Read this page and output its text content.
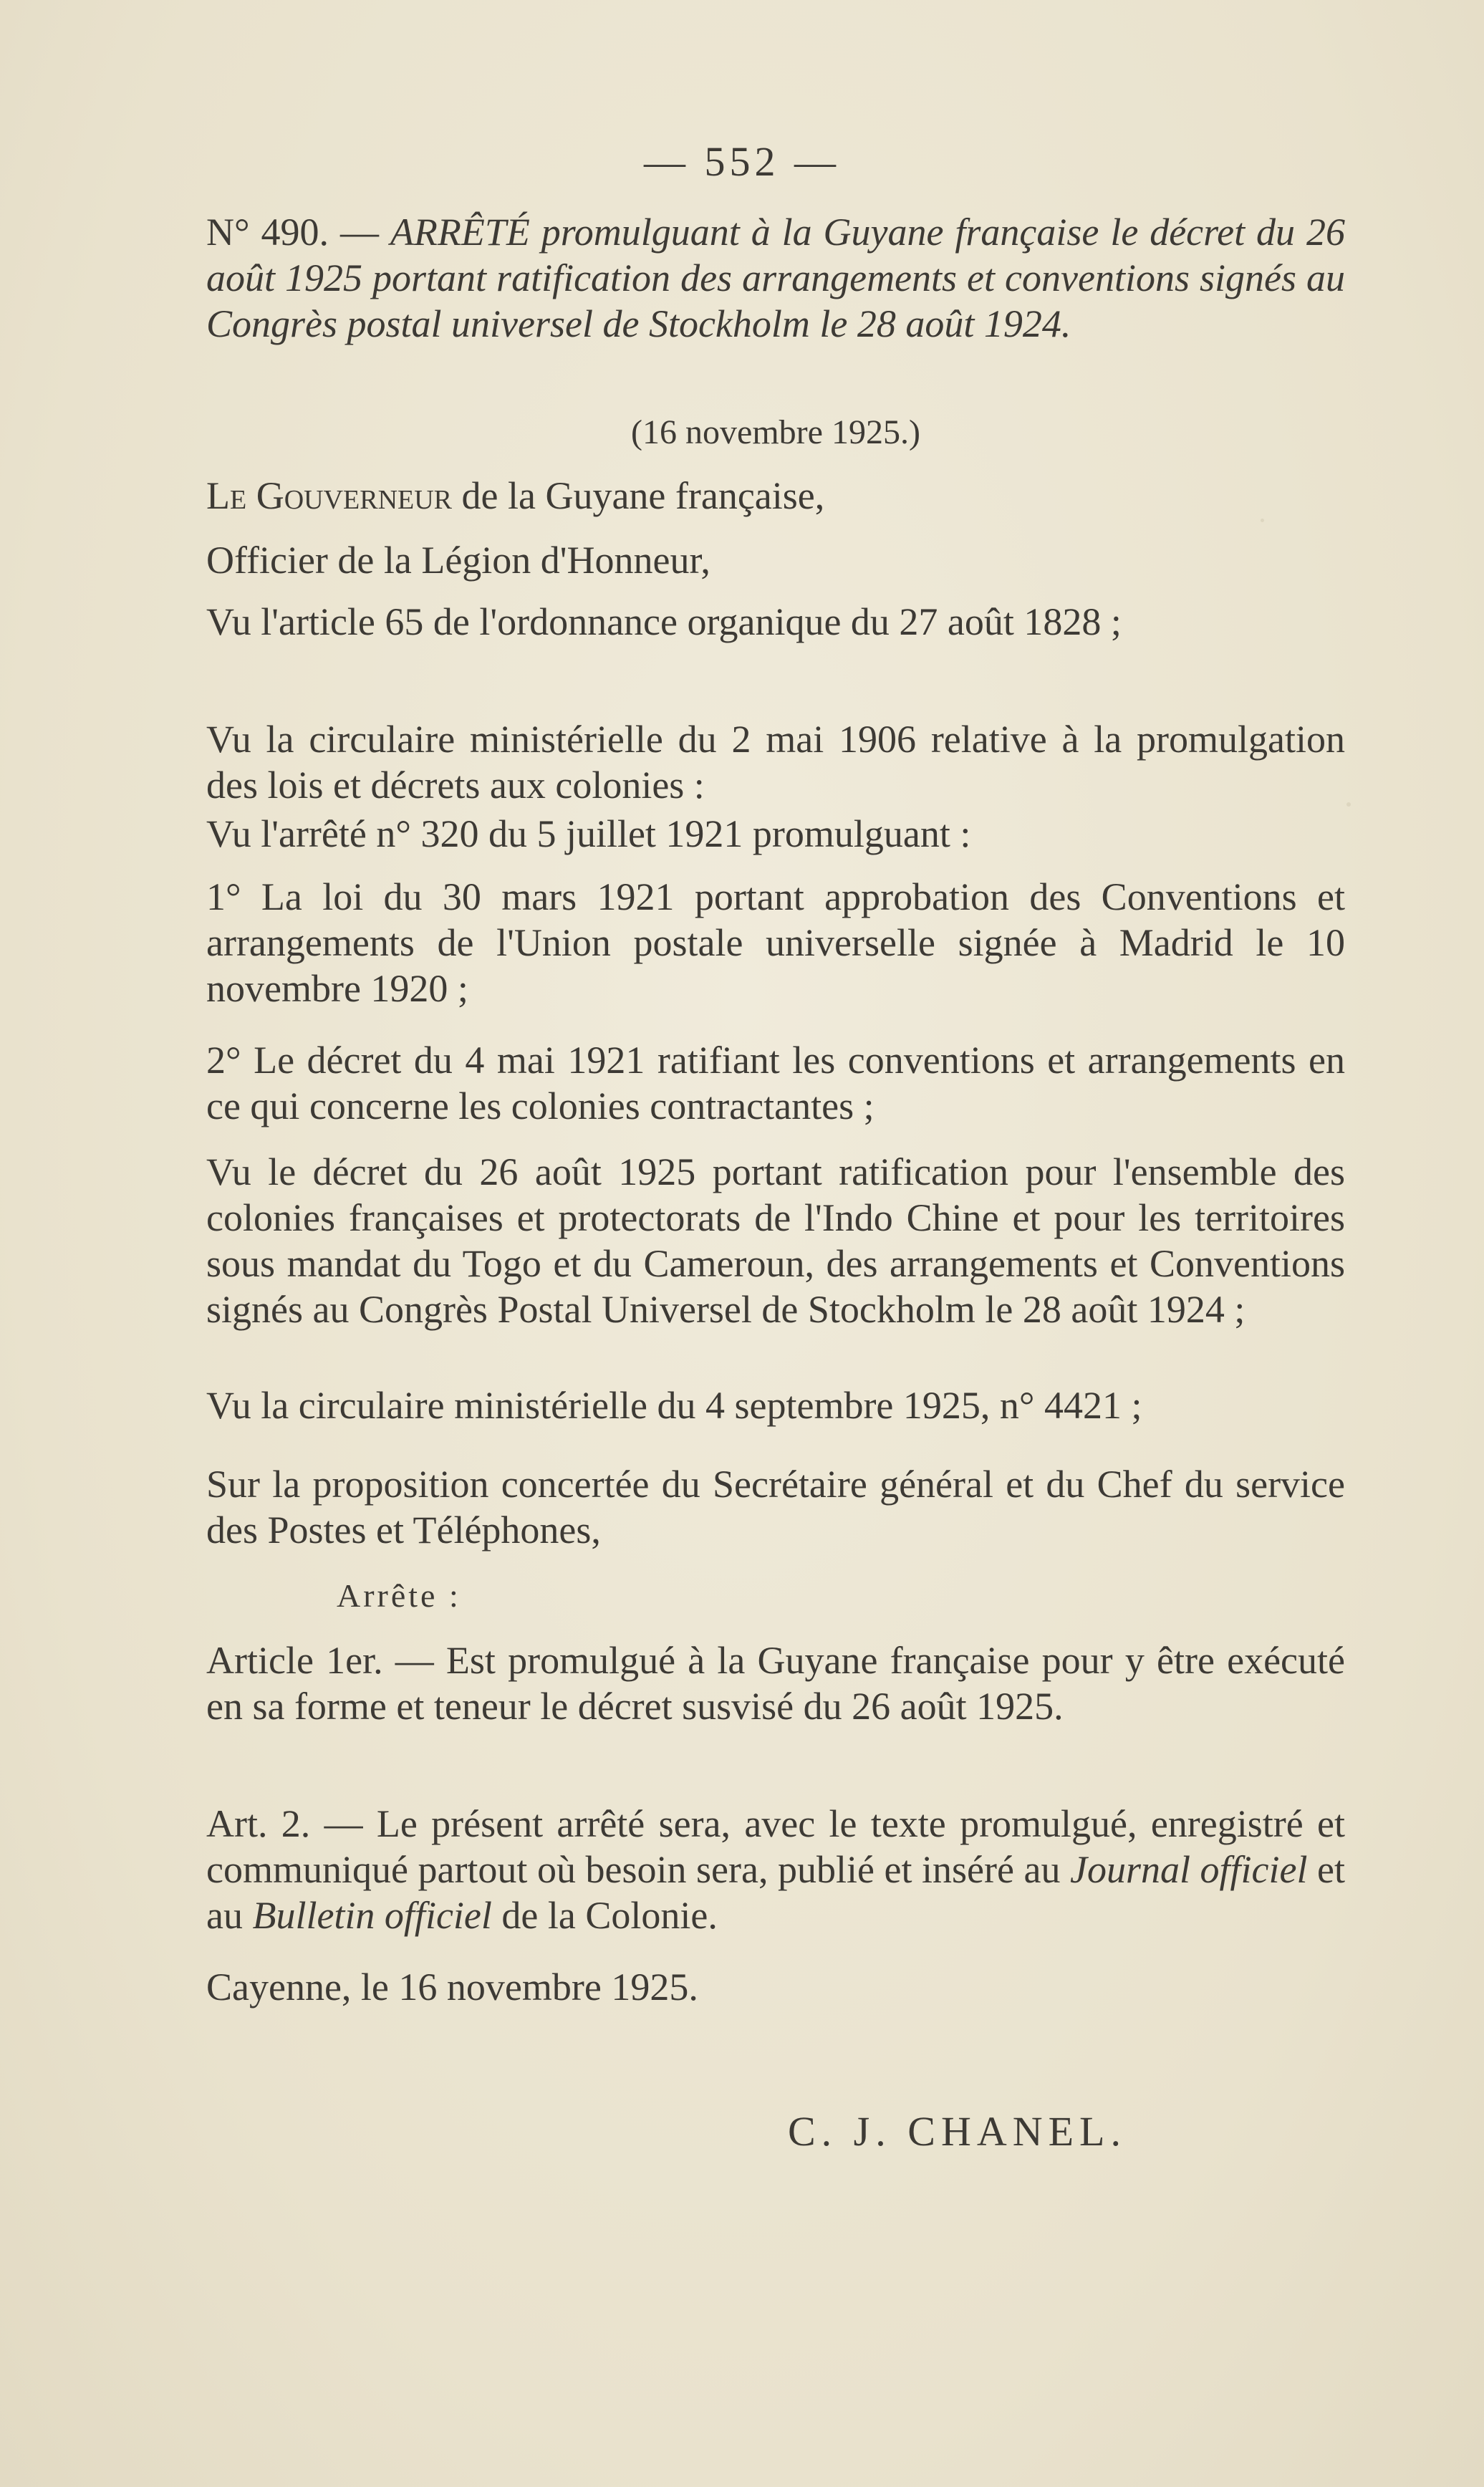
— 552 —

N° 490. — ARRÊTÉ promulguant à la Guyane française le décret du 26 août 1925 portant ratification des arrangements et conventions signés au Congrès postal universel de Stockholm le 28 août 1924.

(16 novembre 1925.)

Le Gouverneur de la Guyane française,

Officier de la Légion d'Honneur,

Vu l'article 65 de l'ordonnance organique du 27 août 1828 ;

Vu la circulaire ministérielle du 2 mai 1906 relative à la promulgation des lois et décrets aux colonies :

Vu l'arrêté n° 320 du 5 juillet 1921 promulguant :

1° La loi du 30 mars 1921 portant approbation des Conventions et arrangements de l'Union postale universelle signée à Madrid le 10 novembre 1920 ;

2° Le décret du 4 mai 1921 ratifiant les conventions et arrangements en ce qui concerne les colonies contractantes ;

Vu le décret du 26 août 1925 portant ratification pour l'ensemble des colonies françaises et protectorats de l'Indo Chine et pour les territoires sous mandat du Togo et du Cameroun, des arrangements et Conventions signés au Congrès Postal Universel de Stockholm le 28 août 1924 ;

Vu la circulaire ministérielle du 4 septembre 1925, n° 4421 ;

Sur la proposition concertée du Secrétaire général et du Chef du service des Postes et Téléphones,

Arrête :

Article 1er. — Est promulgué à la Guyane française pour y être exécuté en sa forme et teneur le décret susvisé du 26 août 1925.

Art. 2. — Le présent arrêté sera, avec le texte promulgué, enregistré et communiqué partout où besoin sera, publié et inséré au Journal officiel et au Bulletin officiel de la Colonie.

Cayenne, le 16 novembre 1925.

C. J. CHANEL.
